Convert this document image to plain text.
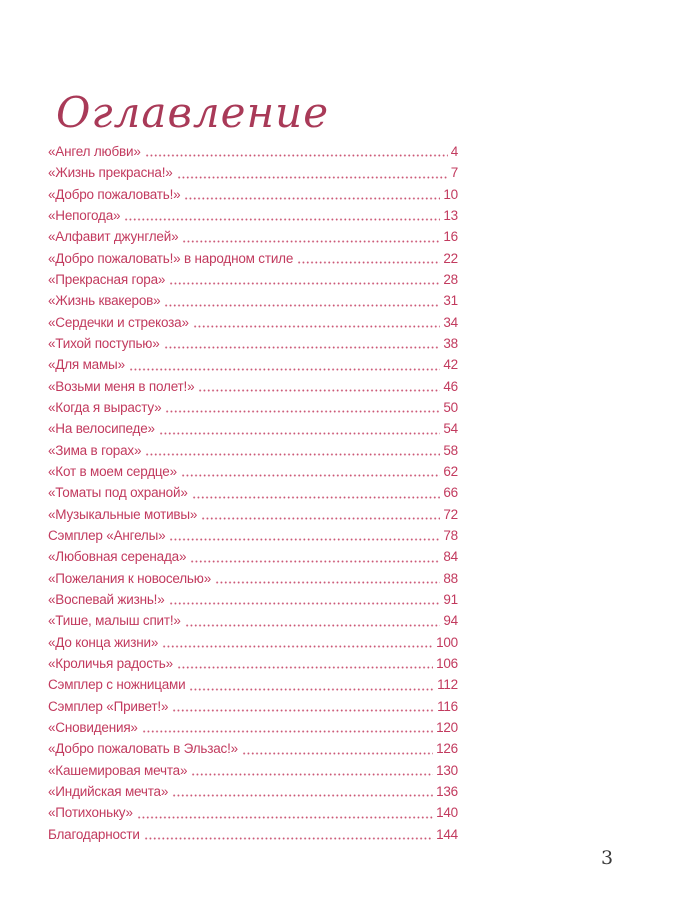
Оглавление
«Ангел любви»	4
«Жизнь прекрасна!»	7
«Добро пожаловать!»	10
«Непогода»	13
«Алфавит джунглей»	16
«Добро пожаловать!» в народном стиле	22
«Прекрасная гора»	28
«Жизнь квакеров»	31
«Сердечки и стрекоза»	34
«Тихой поступью»	38
«Для мамы»	42
«Возьми меня в полет!»	46
«Когда я вырасту»	50
«На велосипеде»	54
«Зима в горах»	58
«Кот в моем сердце»	62
«Томаты под охраной»	66
«Музыкальные мотивы»	72
Сэмплер «Ангелы»	78
«Любовная серенада»	84
«Пожелания к новоселью»	88
«Воспевай жизнь!»	91
«Тише, малыш спит!»	94
«До конца жизни»	100
«Кроличья радость»	106
Сэмплер с ножницами	112
Сэмплер «Привет!»	116
«Сновидения»	120
«Добро пожаловать в Эльзас!»	126
«Кашемировая мечта»	130
«Индийская мечта»	136
«Потихоньку»	140
Благодарности	144
3
